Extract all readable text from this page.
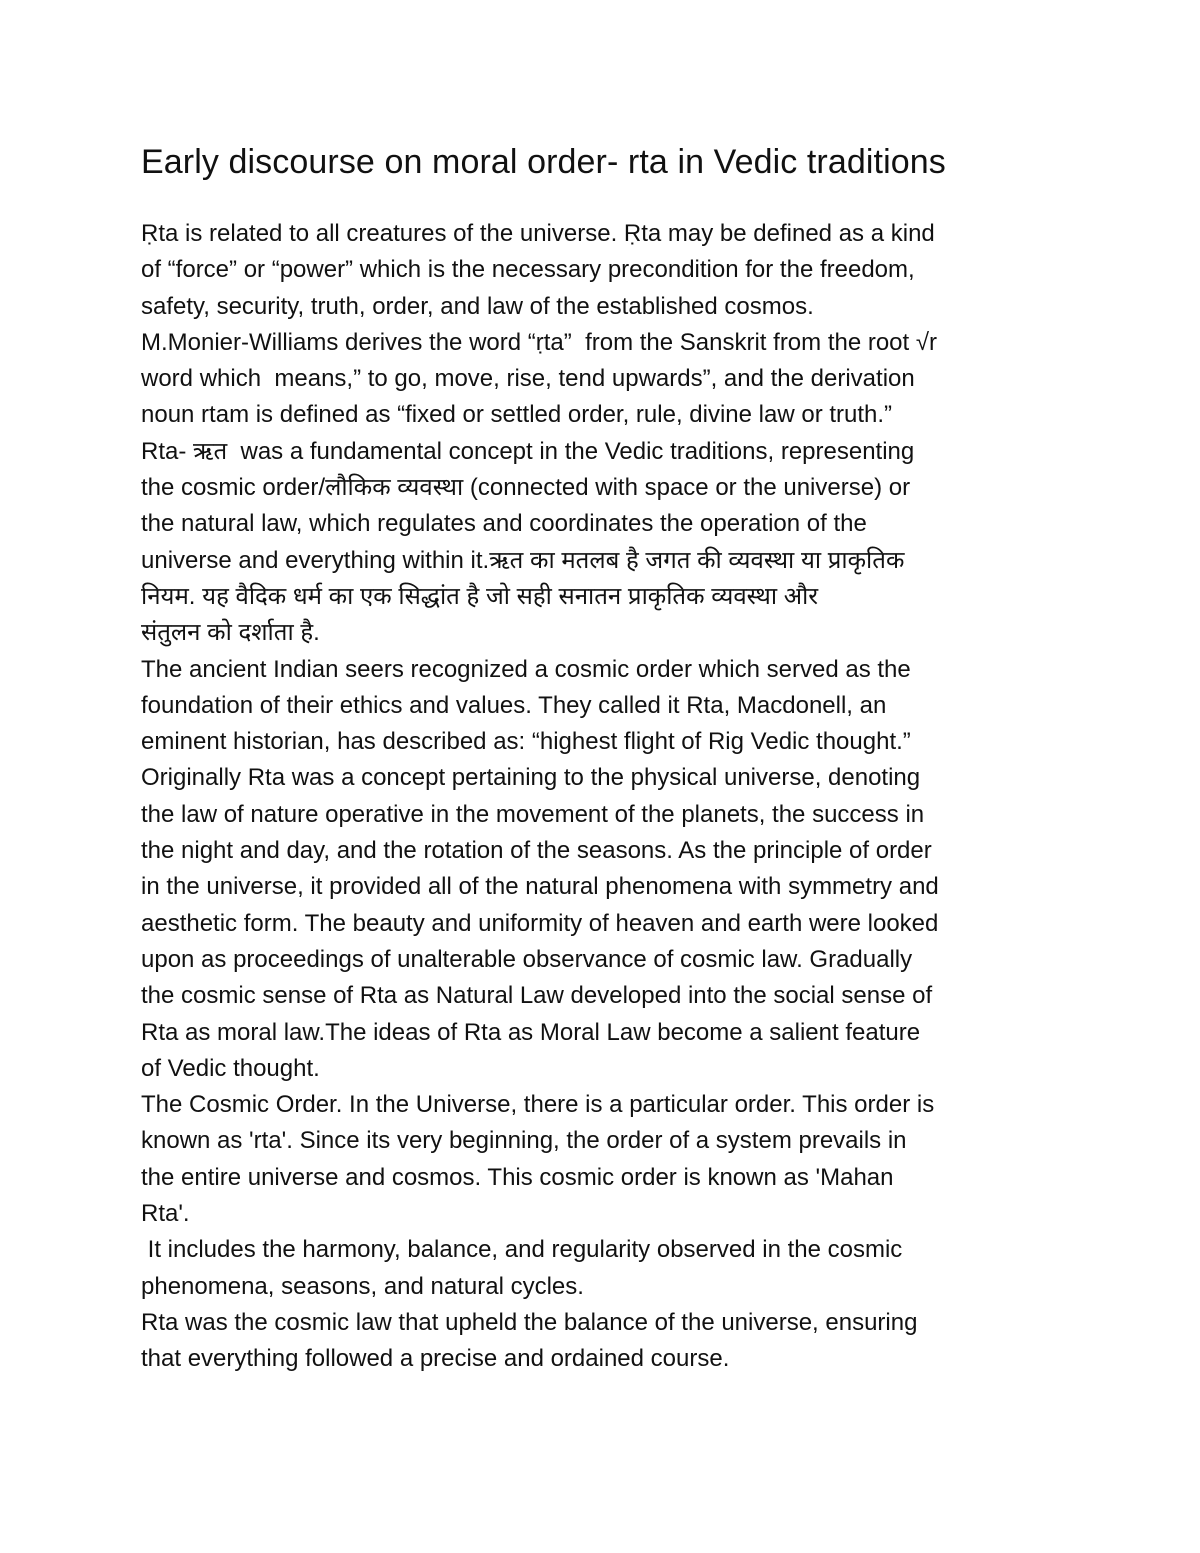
Early discourse on moral order- rta in Vedic traditions
Ṛta is related to all creatures of the universe. Ṛta may be defined as a kind
of “force” or “power” which is the necessary precondition for the freedom,
safety, security, truth, order, and law of the established cosmos.
M.Monier-Williams derives the word “ṛta”  from the Sanskrit from the root √r
word which  means,” to go, move, rise, tend upwards”, and the derivation
noun rtam is defined as “fixed or settled order, rule, divine law or truth.”
Rta- ऋत  was a fundamental concept in the Vedic traditions, representing
the cosmic order/लौकिक व्यवस्था (connected with space or the universe) or
the natural law, which regulates and coordinates the operation of the
universe and everything within it.ऋत का मतलब है जगत की व्यवस्था या प्राकृतिक
नियम. यह वैदिक धर्म का एक सिद्धांत है जो सही सनातन प्राकृतिक व्यवस्था और
संतुलन को दर्शाता है.
The ancient Indian seers recognized a cosmic order which served as the
foundation of their ethics and values. They called it Rta, Macdonell, an
eminent historian, has described as: “highest flight of Rig Vedic thought.”
Originally Rta was a concept pertaining to the physical universe, denoting
the law of nature operative in the movement of the planets, the success in
the night and day, and the rotation of the seasons. As the principle of order
in the universe, it provided all of the natural phenomena with symmetry and
aesthetic form. The beauty and uniformity of heaven and earth were looked
upon as proceedings of unalterable observance of cosmic law. Gradually
the cosmic sense of Rta as Natural Law developed into the social sense of
Rta as moral law.The ideas of Rta as Moral Law become a salient feature
of Vedic thought.
The Cosmic Order. In the Universe, there is a particular order. This order is
known as 'rta'. Since its very beginning, the order of a system prevails in
the entire universe and cosmos. This cosmic order is known as 'Mahan
Rta'.
It includes the harmony, balance, and regularity observed in the cosmic
phenomena, seasons, and natural cycles.
Rta was the cosmic law that upheld the balance of the universe, ensuring
that everything followed a precise and ordained course.
